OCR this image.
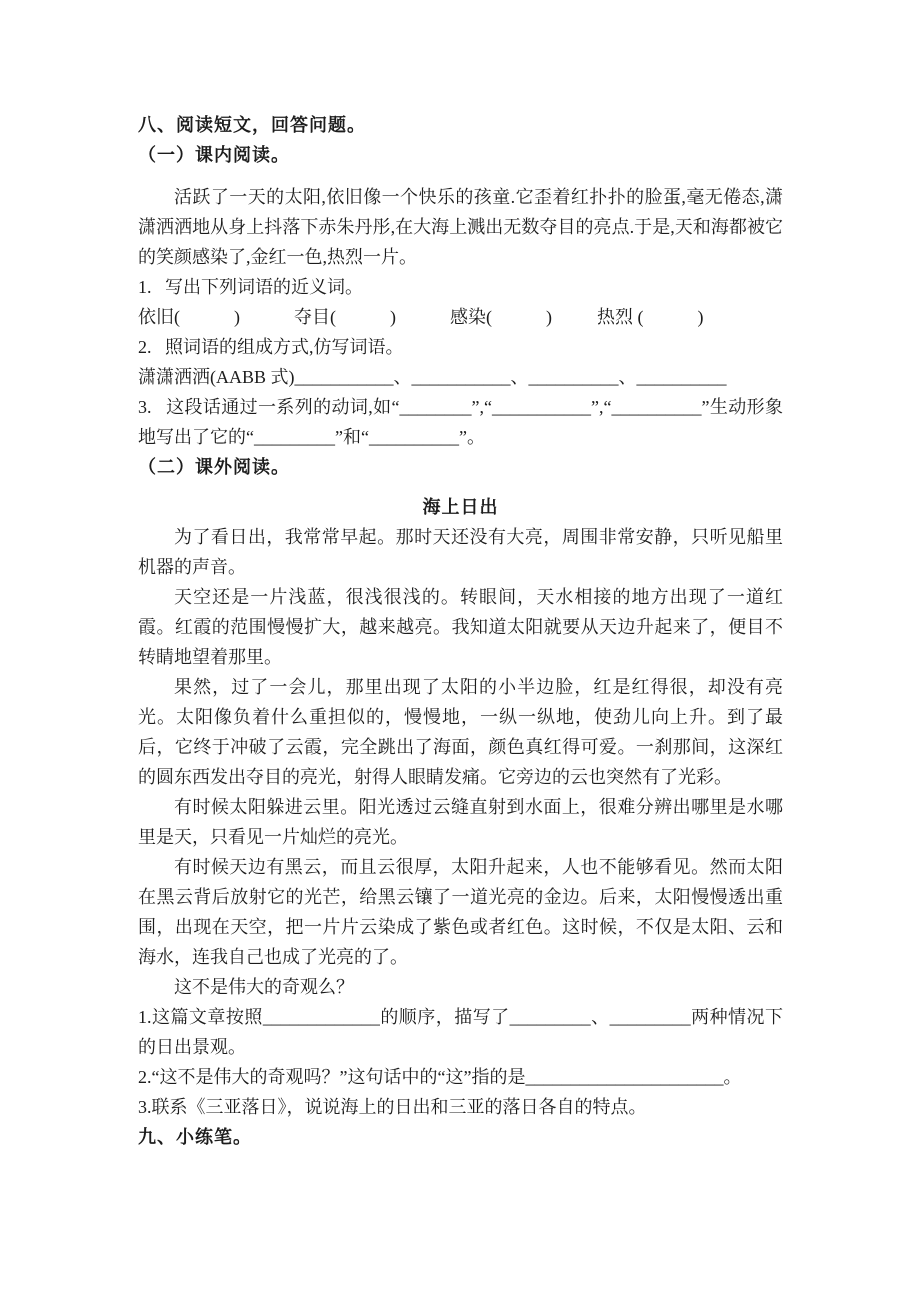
八、阅读短文，回答问题。

（一）课内阅读。

活跃了一天的太阳,依旧像一个快乐的孩童.它歪着红扑扑的脸蛋,毫无倦态,潇潇洒洒地从身上抖落下赤朱丹彤,在大海上溅出无数夺目的亮点.于是,天和海都被它的笑颜感染了,金红一色,热烈一片。

1.   写出下列词语的近义词。

依旧(            )            夺目(            )            感染(            )          热烈 (            )

2.   照词语的组成方式,仿写词语。

潇潇洒洒(AABB 式)___________、___________、__________、__________

3.   这段话通过一系列的动词,如“________”,“___________”,“__________”生动形象地写出了它的“_________”和“__________”。

（二）课外阅读。

海上日出

为了看日出，我常常早起。那时天还没有大亮，周围非常安静，只听见船里机器的声音。

天空还是一片浅蓝，很浅很浅的。转眼间，天水相接的地方出现了一道红霞。红霞的范围慢慢扩大，越来越亮。我知道太阳就要从天边升起来了，便目不转睛地望着那里。

果然，过了一会儿，那里出现了太阳的小半边脸，红是红得很，却没有亮光。太阳像负着什么重担似的，慢慢地，一纵一纵地，使劲儿向上升。到了最后，它终于冲破了云霞，完全跳出了海面，颜色真红得可爱。一刹那间，这深红的圆东西发出夺目的亮光，射得人眼睛发痛。它旁边的云也突然有了光彩。

有时候太阳躲进云里。阳光透过云缝直射到水面上，很难分辨出哪里是水哪里是天，只看见一片灿烂的亮光。

有时候天边有黑云，而且云很厚，太阳升起来，人也不能够看见。然而太阳在黑云背后放射它的光芒，给黑云镶了一道光亮的金边。后来，太阳慢慢透出重围，出现在天空，把一片片云染成了紫色或者红色。这时候，不仅是太阳、云和海水，连我自己也成了光亮的了。

这不是伟大的奇观么？

1.这篇文章按照_____________的顺序，描写了_________、_________两种情况下的日出景观。

2.“这不是伟大的奇观吗？”这句话中的“这”指的是______________________。

3.联系《三亚落日》，说说海上的日出和三亚的落日各自的特点。

九、小练笔。
